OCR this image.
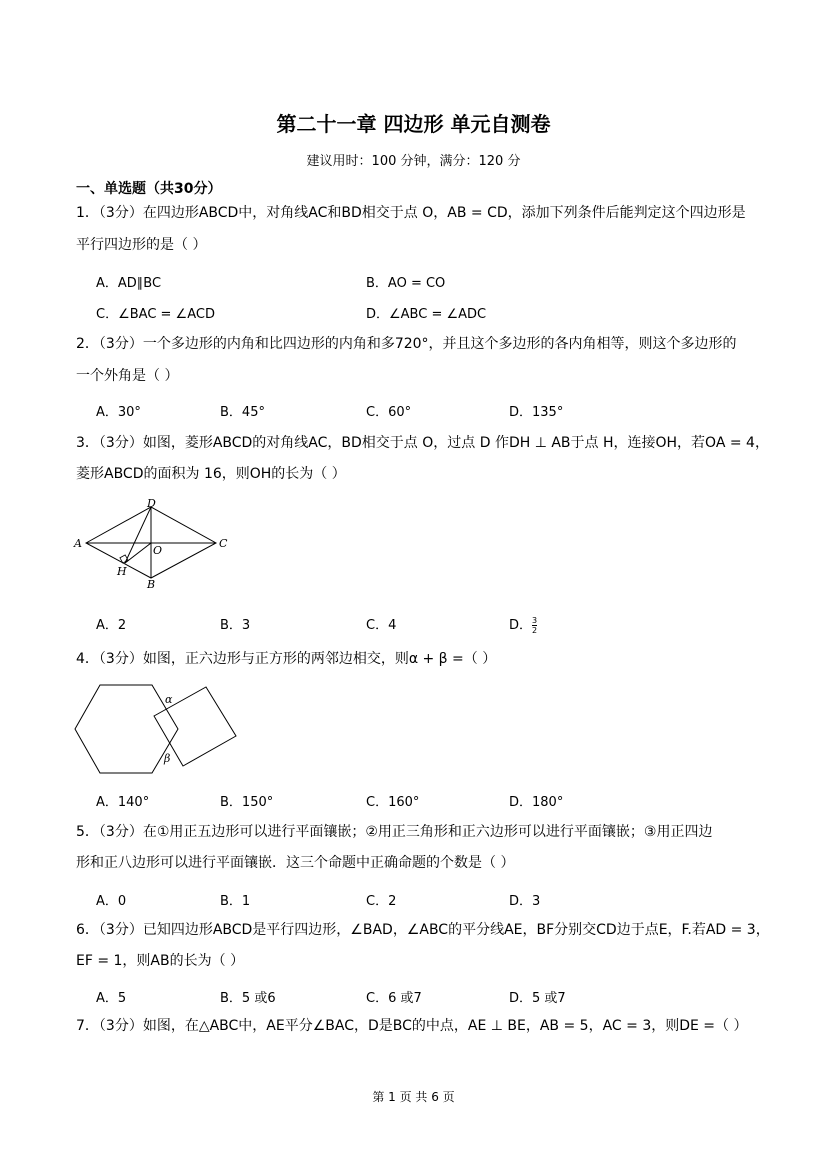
第二十一章 四边形 单元自测卷
建议用时：100 分钟，满分：120 分
一、单选题（共30分）
1．（3分）在四边形ABCD中，对角线AC和BD相交于点 O，AB = CD，添加下列条件后能判定这个四边形是
平行四边形的是（ ）
A．AD∥BC	B．AO = CO
C．∠BAC = ∠ACD	D．∠ABC = ∠ADC
2．（3分）一个多边形的内角和比四边形的内角和多720°，并且这个多边形的各内角相等，则这个多边形的
一个外角是（ ）
A．30°	B．45°	C．60°	D．135°
3．（3分）如图，菱形ABCD的对角线AC，BD相交于点 O，过点 D 作DH ⊥ AB于点 H，连接OH，若OA = 4，
菱形ABCD的面积为 16，则OH的长为（ ）
A
B
C
D
O
H
A．2	B．3	C．4	D． $\frac{3}{2}$
4．（3分）如图，正六边形与正方形的两邻边相交，则α + β =（ ）
α
β
A．140°	B．150°	C．160°	D．180°
5．（3分）在①用正五边形可以进行平面镶嵌；②用正三角形和正六边形可以进行平面镶嵌；③用正四边
形和正八边形可以进行平面镶嵌．这三个命题中正确命题的个数是（ ）
A．0	B．1	C．2	D．3
6．（3分）已知四边形ABCD是平行四边形，∠BAD，∠ABC的平分线AE，BF分别交CD边于点E，F.若AD = 3，
EF = 1，则AB的长为（ ）
A．5	B．5 或6	C．6 或7	D．5 或7
7．（3分）如图，在△ABC中，AE平分∠BAC，D是BC的中点，AE ⊥ BE，AB = 5，AC = 3，则DE =（ ）
第 1 页 共 6 页
